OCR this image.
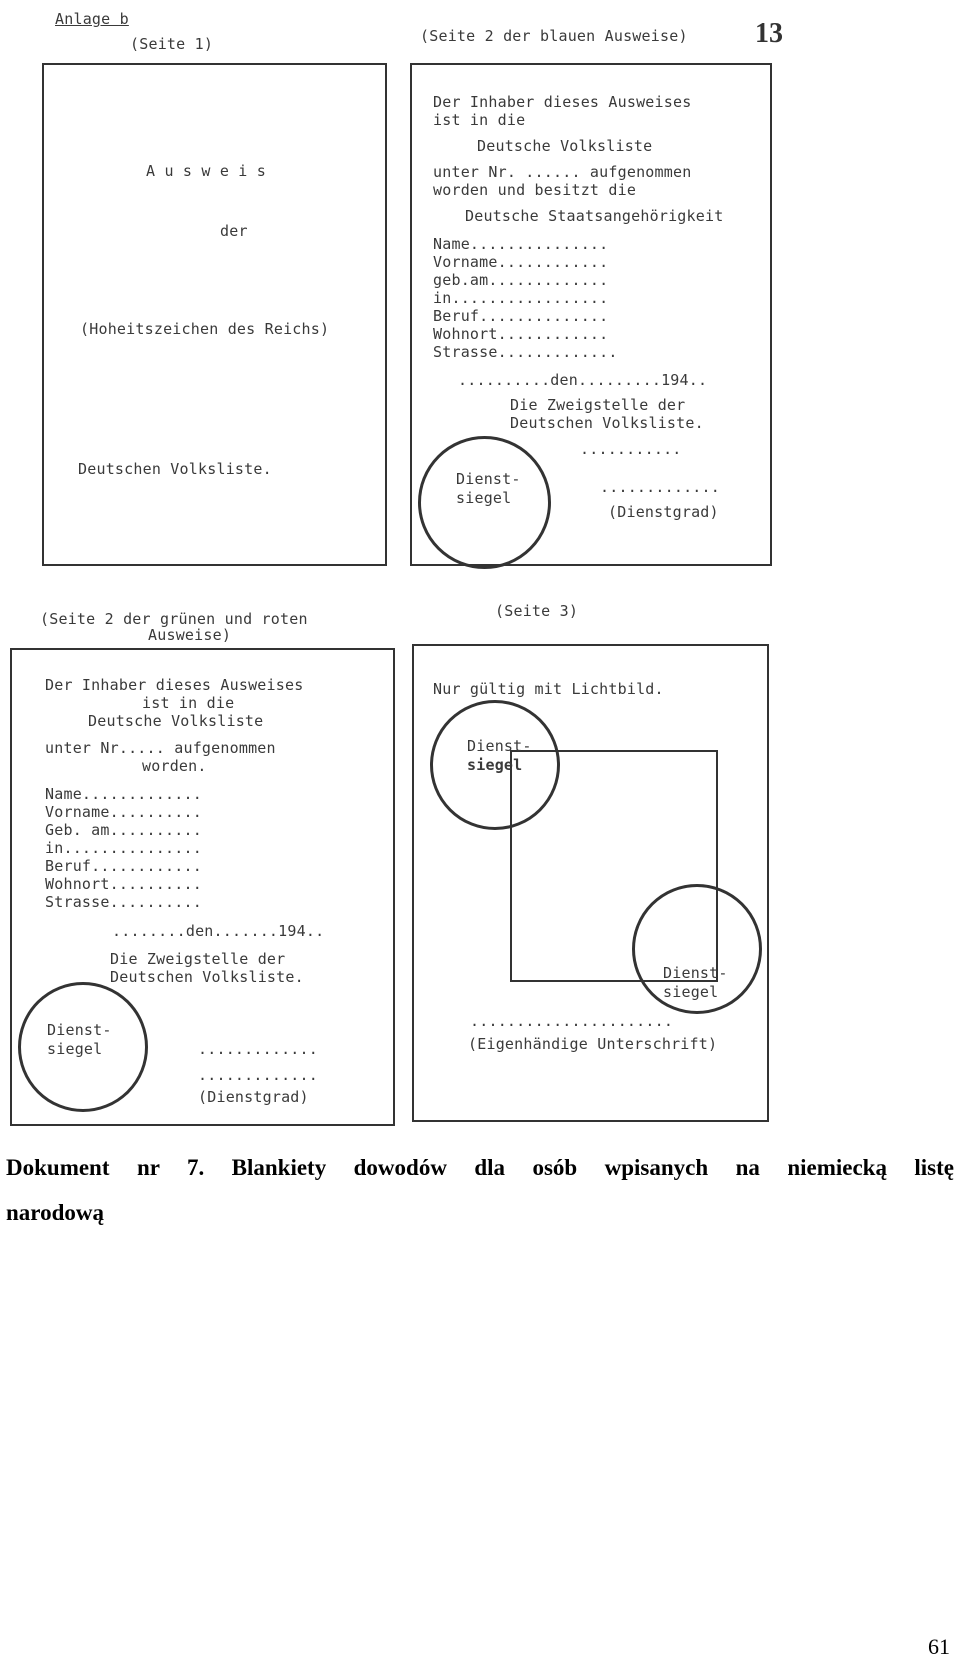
Anlage b
(Seite 1)	(Seite 2 der blauen Ausweise) 13
A u s w e i s
der
(Hoheitszeichen des Reichs)
Deutschen Volksliste.
Der Inhaber dieses Ausweises
ist in die
Deutsche Volksliste
unter Nr. ...... aufgenommen
worden und besitzt die
Deutsche Staatsangehörigkeit
Name...............
Vorname............
geb.am.............
in.................
Beruf..............
Wohnort............
Strasse.............
..........den.........194..
Die Zweigstelle der
Deutschen Volksliste.
...........
.............
(Dienstgrad)
Dienst-
siegel
(Seite 2 der grünen und roten
Ausweise)
(Seite 3)
Der Inhaber dieses Ausweises
ist in die
Deutsche Volksliste
unter Nr..... aufgenommen
worden.
Name.............
Vorname..........
Geb. am..........
in...............
Beruf............
Wohnort..........
Strasse..........
........den.......194..
Die Zweigstelle der
Deutschen Volksliste.
Dienst-
siegel	.............
.............
(Dienstgrad)
Nur gültig mit Lichtbild.
Dienst-
siegel
Dienst-
siegel
......................
(Eigenhändige Unterschrift)
Dokument nr 7. Blankiety dowodów dla osób wpisanych na niemiecką listę
narodową
61
